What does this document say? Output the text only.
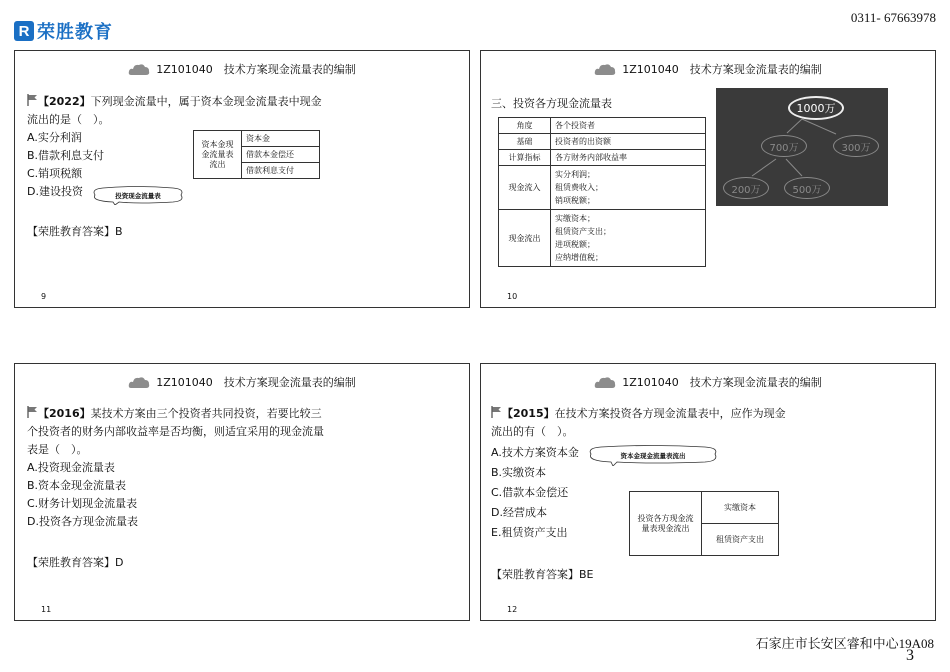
R 荣胜教育
0311- 67663978
1Z101040　技术方案现金流量表的编制
【2022】下列现金流量中，属于资本金现金流量表中现金
流出的是（　）。
A.实分利润
B.借款利息支付
C.销项税额
D.建设投资	投资现金流量表
资本金现金流量表流出	资本金
借款本金偿还
借款利息支付
【荣胜教育答案】B
9
1Z101040　技术方案现金流量表的编制
三、投资各方现金流量表
角度	各个投资者
基础	投资者的出资额
计算指标	各方财务内部收益率
现金流入	实分利润；
租赁费收入；
销项税额；

现金流出	实缴资本；
租赁资产支出；
进项税额；
应纳增值税；
1000万
700万	300万
200万	500万
10
1Z101040　技术方案现金流量表的编制
【2016】某技术方案由三个投资者共同投资，若要比较三
个投资者的财务内部收益率是否均衡，则适宜采用的现金流量
表是（　）。
A.投资现金流量表
B.资本金现金流量表
C.财务计划现金流量表
D.投资各方现金流量表
【荣胜教育答案】D
11
1Z101040　技术方案现金流量表的编制
【2015】在技术方案投资各方现金流量表中，应作为现金
流出的有（　）。
A.技术方案资本金
B.实缴资本
C.借款本金偿还
D.经营成本
E.租赁资产支出
资本金现金流量表流出
投资各方现金流量表现金流出	实缴资本
租赁资产支出
【荣胜教育答案】BE
12
石家庄市长安区睿和中心19A08
3
